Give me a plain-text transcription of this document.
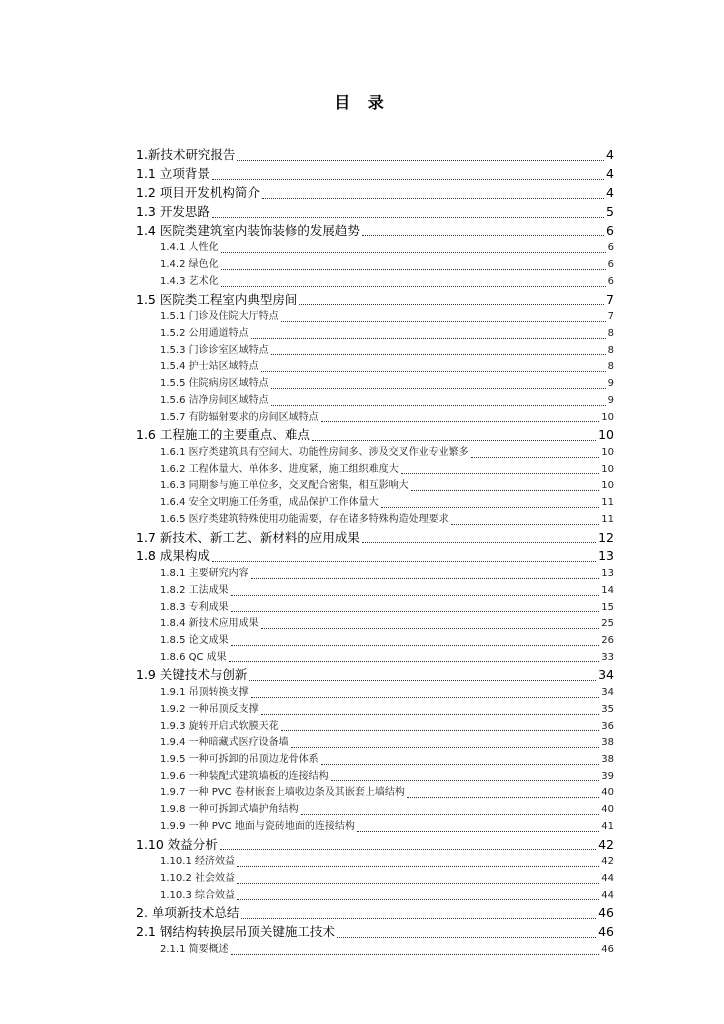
目 录
1.新技术研究报告	4
1.1 立项背景	4
1.2 项目开发机构简介	4
1.3 开发思路	5
1.4 医院类建筑室内装饰装修的发展趋势	6
1.4.1 人性化	6
1.4.2 绿色化	6
1.4.3 艺术化	6
1.5 医院类工程室内典型房间	7
1.5.1 门诊及住院大厅特点	7
1.5.2 公用通道特点	8
1.5.3 门诊诊室区域特点	8
1.5.4 护士站区域特点	8
1.5.5 住院病房区域特点	9
1.5.6 洁净房间区域特点	9
1.5.7 有防辐射要求的房间区域特点	10
1.6 工程施工的主要重点、难点	10
1.6.1 医疗类建筑具有空间大、功能性房间多、涉及交叉作业专业繁多	10
1.6.2 工程体量大、单体多、进度紧，施工组织难度大	10
1.6.3 同期参与施工单位多，交叉配合密集，相互影响大	10
1.6.4 安全文明施工任务重，成品保护工作体量大	11
1.6.5 医疗类建筑特殊使用功能需要，存在诸多特殊构造处理要求	11
1.7 新技术、新工艺、新材料的应用成果	12
1.8 成果构成	13
1.8.1 主要研究内容	13
1.8.2 工法成果	14
1.8.3 专利成果	15
1.8.4 新技术应用成果	25
1.8.5 论文成果	26
1.8.6 QC 成果	33
1.9 关键技术与创新	34
1.9.1 吊顶转换支撑	34
1.9.2 一种吊顶反支撑	35
1.9.3 旋转开启式软膜天花	36
1.9.4 一种暗藏式医疗设备墙	38
1.9.5 一种可拆卸的吊顶边龙骨体系	38
1.9.6 一种装配式建筑墙板的连接结构	39
1.9.7 一种 PVC 卷材嵌套上墙收边条及其嵌套上墙结构	40
1.9.8 一种可拆卸式墙护角结构	40
1.9.9 一种 PVC 地面与瓷砖地面的连接结构	41
1.10 效益分析	42
1.10.1 经济效益	42
1.10.2 社会效益	44
1.10.3 综合效益	44
2. 单项新技术总结	46
2.1 钢结构转换层吊顶关键施工技术	46
2.1.1 简要概述	46
